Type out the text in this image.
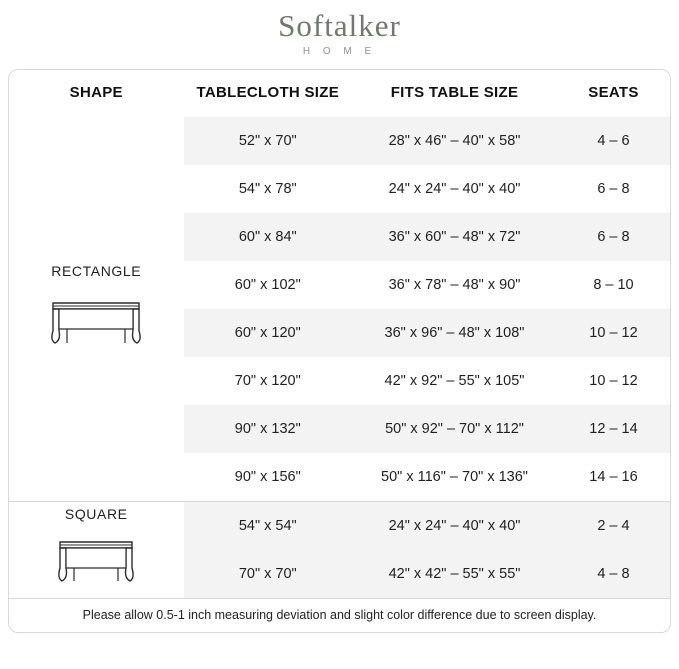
Softalker
H O M E
SHAPE	TABLECLOTH SIZE	FITS TABLE SIZE	SEATS

RECTANGLE	52" x 70"	28" x 46" – 40" x 58"	4 – 6
	54" x 78"	24" x 24" – 40" x 40"	6 – 8
	60" x 84"	36" x 60" – 48" x 72"	6 – 8
	60" x 102"	36" x 78" – 48" x 90"	8 – 10
	60" x 120"	36" x 96" – 48" x 108"	10 – 12
	70" x 120"	42" x 92" – 55" x 105"	10 – 12
	90" x 132"	50" x 92" – 70" x 112"	12 – 14
	90" x 156"	50" x 116" – 70" x 136"	14 – 16

SQUARE	54" x 54"	24" x 24" – 40" x 40"	2 – 4
	70" x 70"	42" x 42" – 55" x 55"	4 – 8
Please allow 0.5-1 inch measuring deviation and slight color difference due to screen display.
